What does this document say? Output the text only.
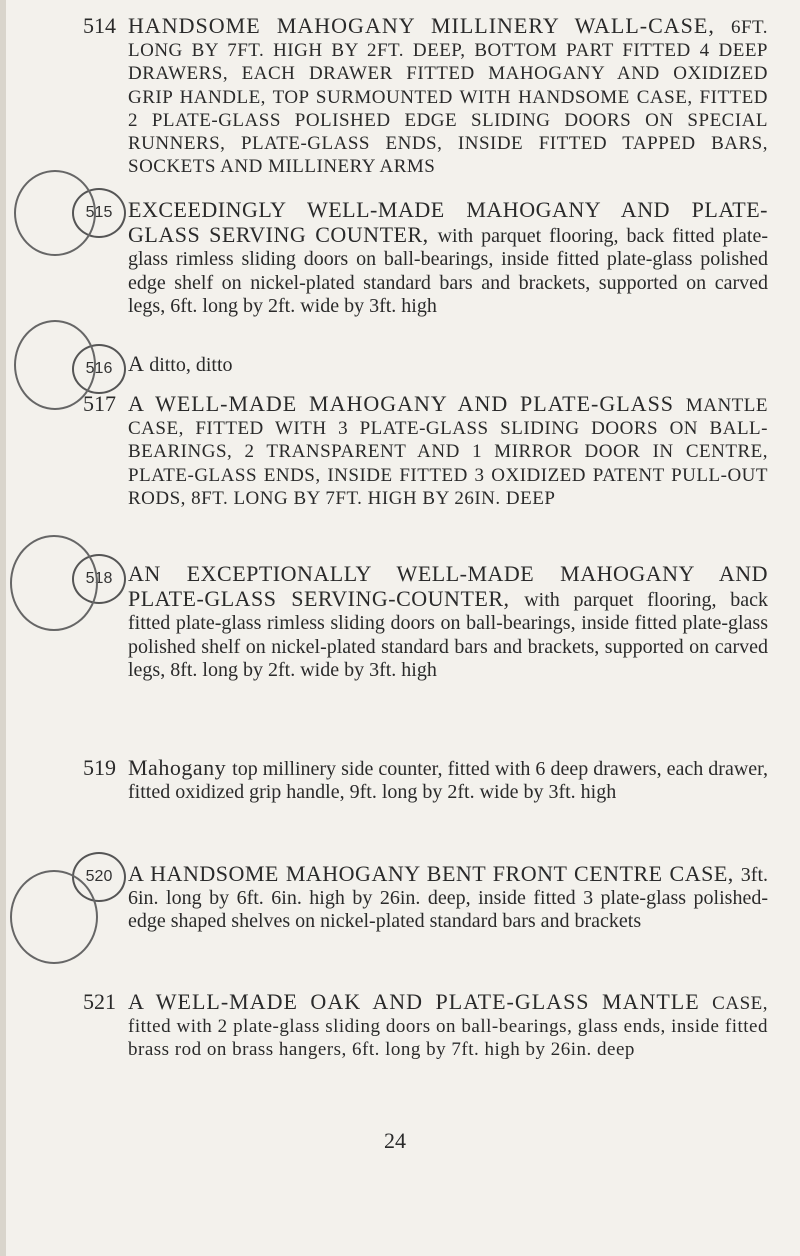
514 HANDSOME MAHOGANY MILLINERY WALL-CASE, 6FT. LONG BY 7FT. HIGH BY 2FT. DEEP, BOTTOM PART FITTED 4 DEEP DRAWERS, EACH DRAWER FITTED MAHOGANY AND OXIDIZED GRIP HANDLE, TOP SURMOUNTED WITH HANDSOME CASE, FITTED 2 PLATE-GLASS POLISHED EDGE SLIDING DOORS ON SPECIAL RUNNERS, PLATE-GLASS ENDS, INSIDE FITTED TAPPED BARS, SOCKETS AND MILLINERY ARMS
EXCEEDINGLY WELL-MADE MAHOGANY AND PLATE-GLASS SERVING COUNTER, with parquet flooring, back fitted plate-glass rimless sliding doors on ball-bearings, inside fitted plate-glass polished edge shelf on nickel-plated standard bars and brackets, supported on carved legs, 6ft. long by 2ft. wide by 3ft. high
515
A ditto, ditto
516
517 A WELL-MADE MAHOGANY AND PLATE-GLASS MANTLE CASE, FITTED WITH 3 PLATE-GLASS SLIDING DOORS ON BALL-BEARINGS, 2 TRANSPARENT AND 1 MIRROR DOOR IN CENTRE, PLATE-GLASS ENDS, INSIDE FITTED 3 OXIDIZED PATENT PULL-OUT RODS, 8FT. LONG BY 7FT. HIGH BY 26IN. DEEP
AN EXCEPTIONALLY WELL-MADE MAHOGANY AND PLATE-GLASS SERVING-COUNTER, with parquet flooring, back fitted plate-glass rimless sliding doors on ball-bearings, inside fitted plate-glass polished shelf on nickel-plated standard bars and brackets, supported on carved legs, 8ft. long by 2ft. wide by 3ft. high
518
519 Mahogany top millinery side counter, fitted with 6 deep drawers, each drawer, fitted oxidized grip handle, 9ft. long by 2ft. wide by 3ft. high
A HANDSOME MAHOGANY BENT FRONT CENTRE CASE, 3ft. 6in. long by 6ft. 6in. high by 26in. deep, inside fitted 3 plate-glass polished-edge shaped shelves on nickel-plated standard bars and brackets
520
521 A WELL-MADE OAK AND PLATE-GLASS MANTLE CASE, fitted with 2 plate-glass sliding doors on ball-bearings, glass ends, inside fitted brass rod on brass hangers, 6ft. long by 7ft. high by 26in. deep
24
